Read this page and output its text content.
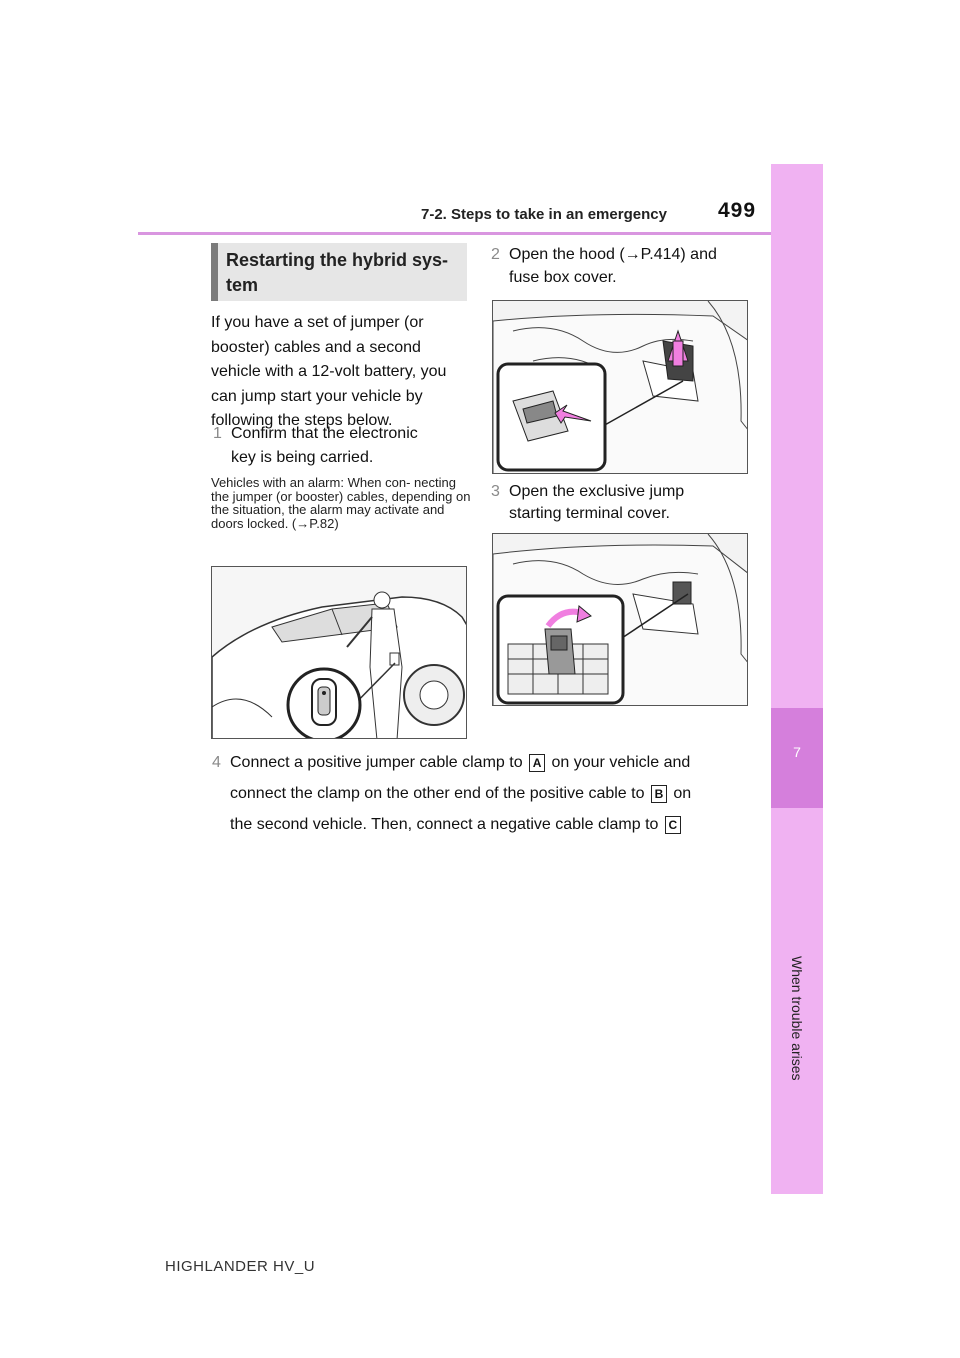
7-2. Steps to take in an emergency 499
7
Restarting the hybrid sys-
tem
If you have a set of jumper (or booster) cables and a second vehicle with a 12-volt battery, you can jump start your vehicle by following the steps below.
1 Confirm that the electronic
key is being carried.
Vehicles with an alarm: When con- necting the jumper (or booster) cables, depending on the situation, the alarm may activate and doors locked. (→P.82)
2 Open the hood (→P.414) and
fuse box cover.
3 Open the exclusive jump
starting terminal cover.
4 Connect a positive jumper cable clamp to A on your vehicle and
connect the clamp on the other end of the positive cable to B on
the second vehicle. Then, connect a negative cable clamp to C
HIGHLANDER HV_U
